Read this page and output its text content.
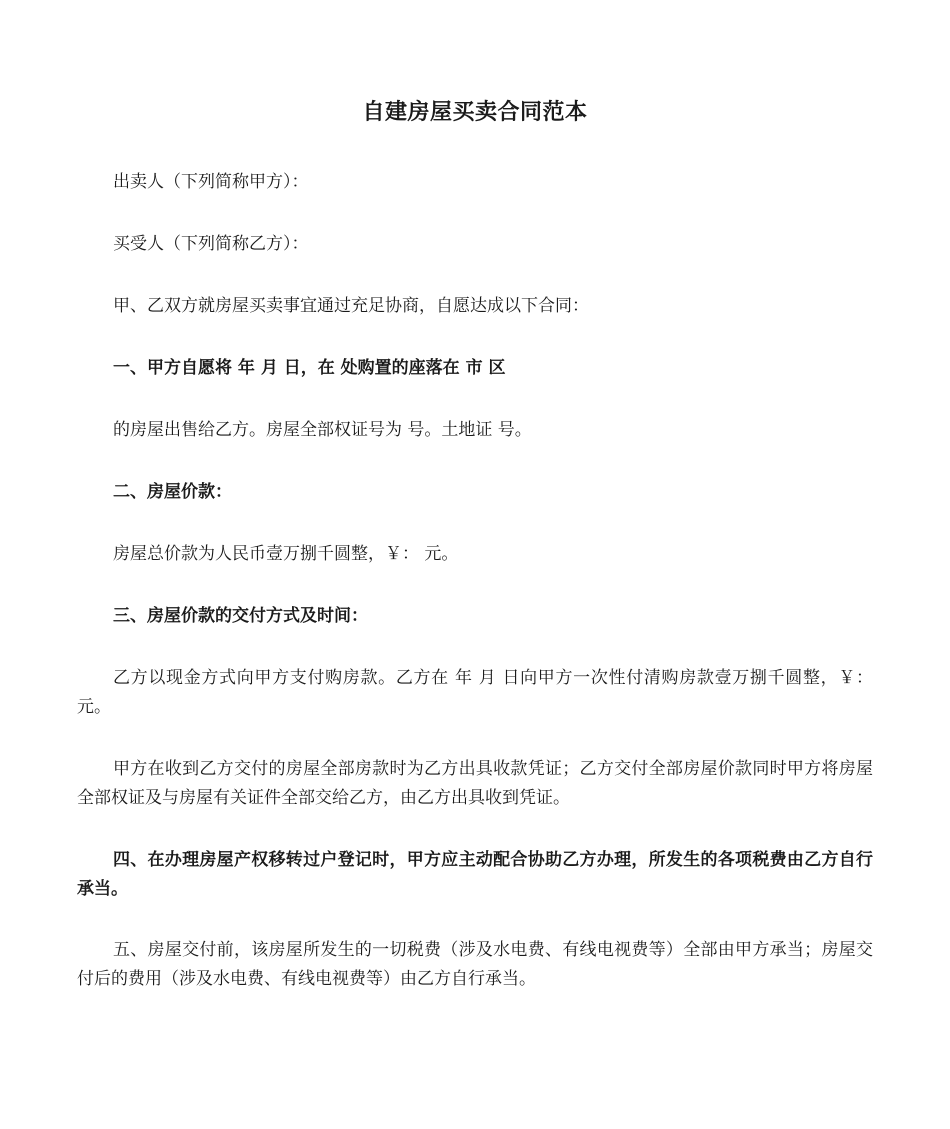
自建房屋买卖合同范本

出卖人（下列简称甲方）：

买受人（下列简称乙方）：

甲、乙双方就房屋买卖事宜通过充足协商，自愿达成以下合同：

一、甲方自愿将 年 月 日，在 处购置的座落在 市 区

的房屋出售给乙方。房屋全部权证号为 号。土地证 号。

二、房屋价款：

房屋总价款为人民币壹万捌千圆整，￥： 元。

三、房屋价款的交付方式及时间：

乙方以现金方式向甲方支付购房款。乙方在 年 月 日向甲方一次性付清购房款壹万捌千圆整，￥： 元。

甲方在收到乙方交付的房屋全部房款时为乙方出具收款凭证；乙方交付全部房屋价款同时甲方将房屋全部权证及与房屋有关证件全部交给乙方，由乙方出具收到凭证。

四、在办理房屋产权移转过户登记时，甲方应主动配合协助乙方办理，所发生的各项税费由乙方自行承当。

五、房屋交付前，该房屋所发生的一切税费（涉及水电费、有线电视费等）全部由甲方承当；房屋交付后的费用（涉及水电费、有线电视费等）由乙方自行承当。
